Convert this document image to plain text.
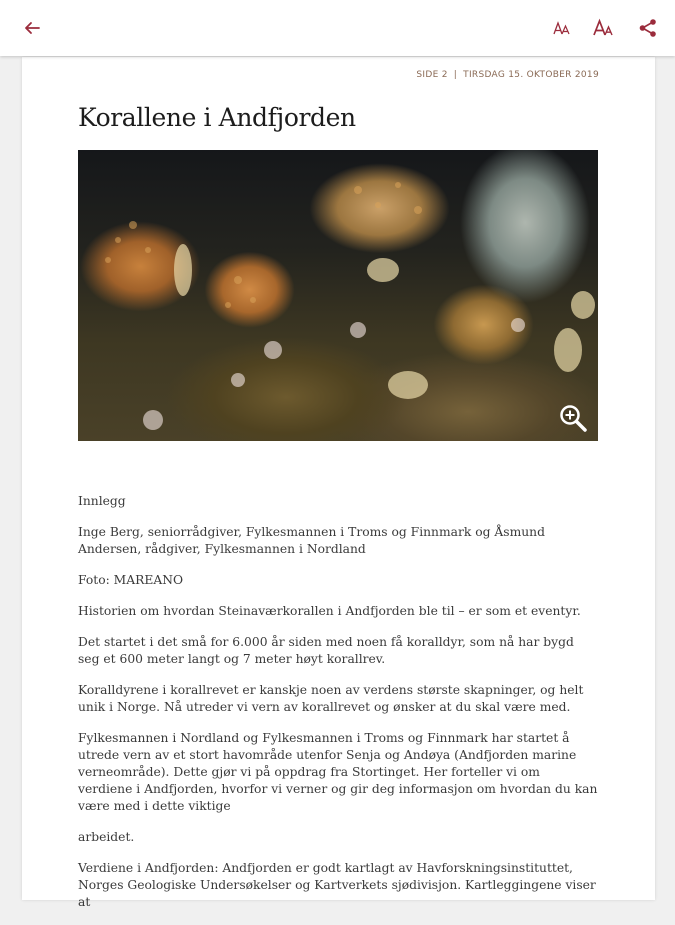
SIDE 2 | TIRSDAG 15. OKTOBER 2019
Korallene i Andfjorden

Innlegg

Inge Berg, seniorrådgiver, Fylkesmannen i Troms og Finnmark og Åsmund Andersen, rådgiver, Fylkesmannen i Nordland

Foto: MAREANO

Historien om hvordan Steinaværkorallen i Andfjorden ble til – er som et eventyr.

Det startet i det små for 6.000 år siden med noen få koralldyr, som nå har bygd seg et 600 meter langt og 7 meter høyt korallrev.

Koralldyrene i korallrevet er kanskje noen av verdens største skapninger, og helt unik i Norge. Nå utreder vi vern av korallrevet og ønsker at du skal være med.

Fylkesmannen i Nordland og Fylkesmannen i Troms og Finnmark har startet å utrede vern av et stort havområde utenfor Senja og Andøya (Andfjorden marine verneområde). Dette gjør vi på oppdrag fra Stortinget. Her forteller vi om verdiene i Andfjorden, hvorfor vi verner og gir deg informasjon om hvordan du kan være med i dette viktige

arbeidet.

Verdiene i Andfjorden: Andfjorden er godt kartlagt av Havforskningsinstituttet, Norges Geologiske Undersøkelser og Kartverkets sjødivisjon. Kartleggingene viser at
